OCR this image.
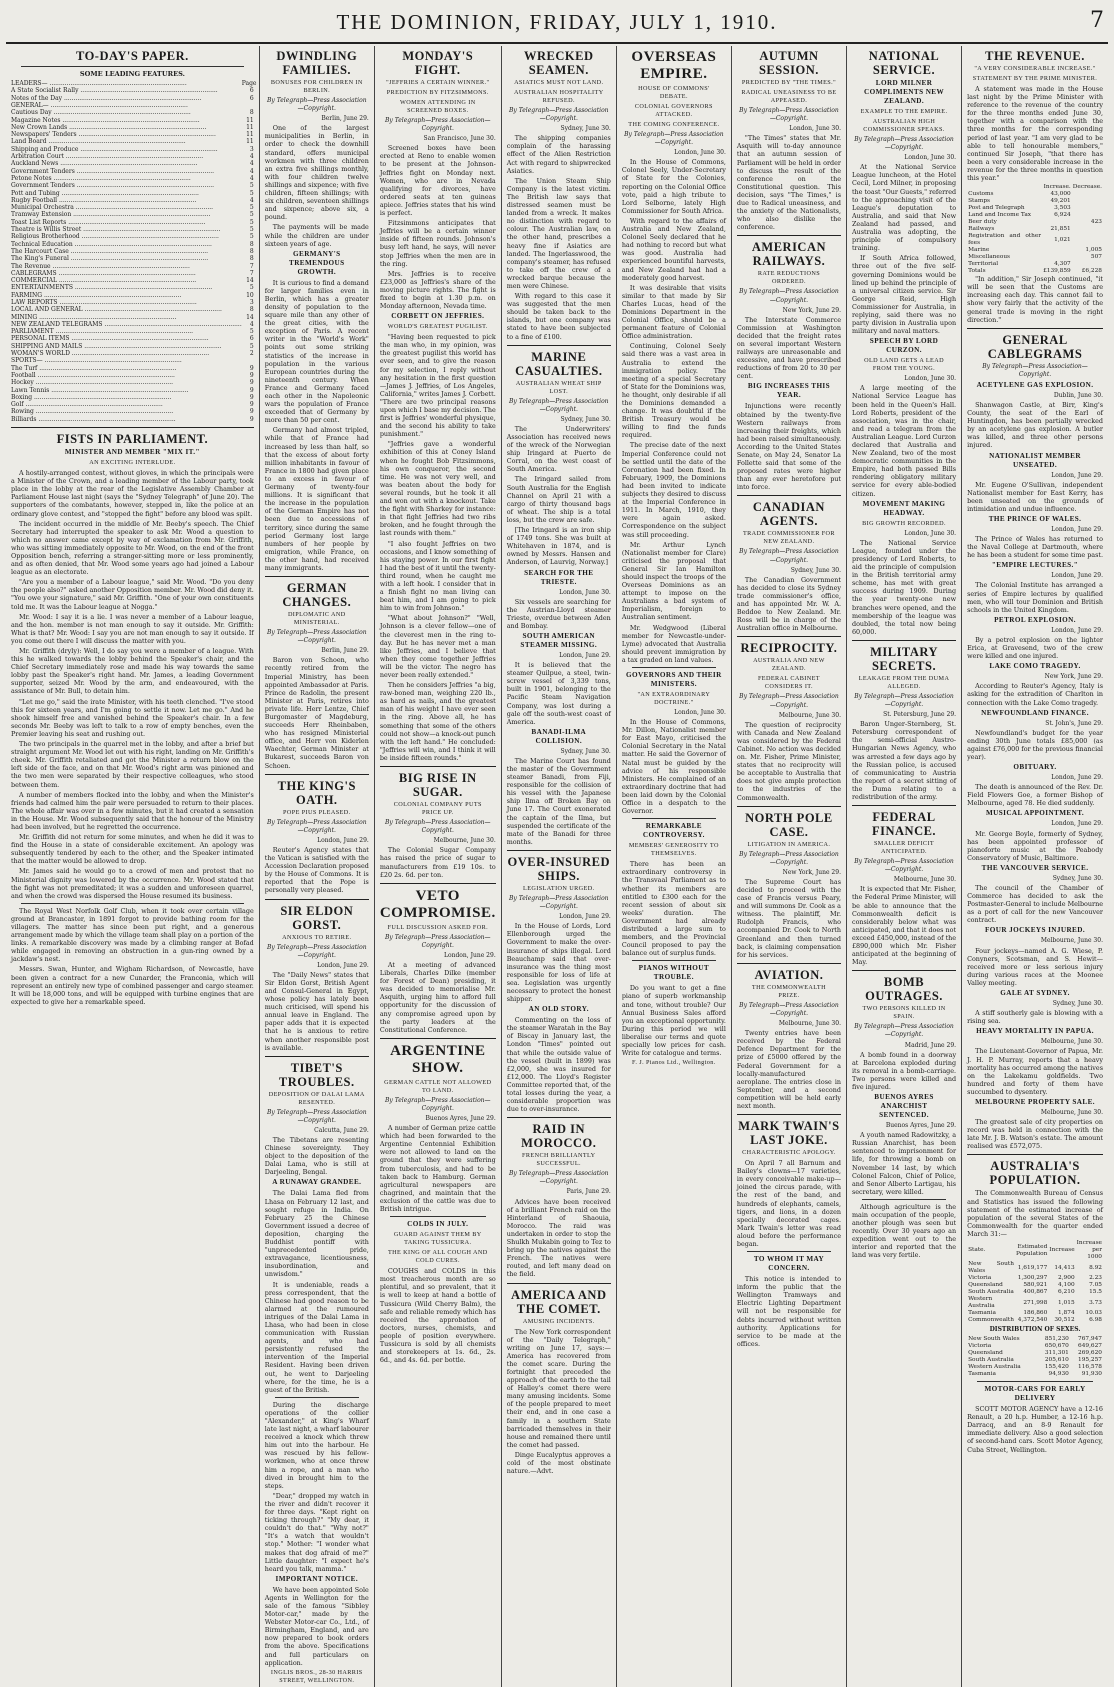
THE DOMINION, FRIDAY, JULY 1, 1910.	7
TO-DAY'S PAPER.
SOME LEADING FEATURES.
LEADERS— .....	Page
A State Socialist Rally .....	6
Notes of the Day .....	6
GENERAL— .....
Cautious Day .....	8
Magazine Notes .....	11
New Crown Lands .....	11
Newspapers' Tenders .....	11
Land Board .....	11
Shipping and Produce .....	3
Arbitration Court .....	4
Auckland News .....	4
Government Tenders .....	4
Petone Notes .....	4
Government Tenders .....	5
Pott and Tubing .....	5
Rugby Football .....	4
Municipal Orchestra .....	5
Tramway Extension .....	5
Toast List Reports .....	5
Theatre is Willis Street .....	5
Religious Brotherhood .....	5
Technical Education .....	8
The Harcourt Case .....	8
The King's Funeral .....	8
The Revenue .....	7
CABLEGRAMS .....	7
COMMERCIAL .....	14
ENTERTAINMENTS .....	5
FARMING .....	10
LAW REPORTS .....	3
LOCAL AND GENERAL .....	8
MINING .....	14
NEW ZEALAND TELEGRAMS .....	4
PARLIAMENT .....	5
PERSONAL ITEMS .....	6
SHIPPING AND MAILS .....	5
WOMAN'S WORLD .....	2
SPORTS— .....
The Turf .....	9
Football .....	9
Hockey .....	9
Lawn Tennis .....	9
Boxing .....	9
Golf .....	9
Rowing .....	9
Billiards .....	9
FISTS IN PARLIAMENT.
MINISTER AND MEMBER "MIX IT."
AN EXCITING INTERLUDE.

A hostily-arranged contest, without gloves, in which the principals were a Minister of the Crown, and a leading member of the Labour party, took place in the lobby at the rear of the Legislative Assembly Chamber at Parliament House last night (says the "Sydney Telegraph" of June 20). The supporters of the combatants, however, stepped in, like the police at an ordinary glove contest, and "stopped the fight" before any blood was spilt.

The incident occurred in the middle of Mr. Beeby's speech. The Chief Secretary had interrupted the speaker to ask Mr. Wood a question to which no answer came except by way of exclamation from Mr. Griffith, who was sitting immediately opposite to Mr. Wood, on the end of the front Opposition bench, referring a stranger-sitting more or less prominently, and as often denied, that Mr. Wood some years ago had joined a Labour league as an electorate.

"Are you a member of a Labour league," said Mr. Wood. "Do you deny the people also?" asked another Opposition member. Mr. Wood did deny it. "You owe your signature," said Mr. Griffith. "One of your own constituents told me. It was the Labour league at Nogga."

Mr. Wood: I say it is a lie. I was never a member of a Labour league, and the hon. member is not man enough to say it outside. Mr. Griffith: What is that? Mr. Wood: I say you are not man enough to say it outside. If you come out there I will discuss the matter with you.

Mr. Griffith (dryly): Well, I do say you were a member of a league. With this he walked towards the lobby behind the Speaker's chair, and the Chief Secretary immediately rose and made his way towards the same lobby past the Speaker's right hand. Mr. James, a leading Government supporter, seized Mr. Wood by the arm, and endeavoured, with the assistance of Mr. Bull, to detain him.

"Let me go," said the irate Minister, with his teeth clenched. "I've stood this for sixteen years, and I'm going to settle it now. Let me go." And he shook himself free and vanished behind the Speaker's chair. In a few seconds Mr. Beeby was left to talk to a row of empty benches, even the Premier leaving his seat and rushing out.

The two principals in the quarrel met in the lobby, and after a brief but straight argument Mr. Wood let out with his right, landing on Mr. Griffith's cheek. Mr. Griffith retaliated and got the Minister a return blow on the left side of the face, and on that Mr. Wood's right arm was pinioned and the two men were separated by their respective colleagues, who stood between them.

A number of members flocked into the lobby, and when the Minister's friends had calmed him the pair were persuaded to return to their places. The whole affair was over in a few minutes, but it had created a sensation in the House. Mr. Wood subsequently said that the honour of the Ministry had been involved, but he regretted the occurrence.

Mr. Griffith did not return for some minutes, and when he did it was to find the House in a state of considerable excitement. An apology was subsequently tendered by each to the other, and the Speaker intimated that the matter would be allowed to drop.

Mr. James said he would go to a crowd of men and protest that no Ministerial dignity was lowered by the occurrence. Mr. Wood stated that the fight was not premeditated; it was a sudden and unforeseen quarrel, and when the crowd was dispersed the House resumed its business.

The Royal West Norfolk Golf Club, when it took over certain village ground at Brancaster, in 1891 forgot to provide bathing room for the villagers. The matter has since been put right, and a generous arrangement made by which the village team shall play on a portion of the links. A remarkable discovery was made by a climbing ranger at Bofad while engaged in removing an obstruction in a gun-ring owned by a jackdaw's nest.

Messrs. Swan, Hunter, and Wigham Richardson, of Newcastle, have been given a contract for a new Cunarder, the Franconia, which will represent an entirely new type of combined passenger and cargo steamer. It will be 18,000 tons, and will be equipped with turbine engines that are expected to give her a remarkable speed.

DWINDLING FAMILIES.
BONUSES FOR CHILDREN IN BERLIN.
By Telegraph—Press Association—Copyright.
Berlin, June 29.

One of the largest municipalities in Berlin, in order to check the downhill standard, offers municipal workmen with three children an extra five shillings monthly, with four children twelve shillings and sixpence; with five children, fifteen shillings; with six children, seventeen shillings and sixpence; above six, a pound.

The payments will be made while the children are under sixteen years of age.

GERMANY'S TREMENDOUS GROWTH.

It is curious to find a demand for larger families even in Berlin, which has a greater density of population to the square mile than any other of the great cities, with the exception of Paris. A recent writer in the "World's Work" points out some striking statistics of the increase in population in the various European countries during the nineteenth century. When France and Germany faced each other in the Napoleonic wars the population of France exceeded that of Germany by more than 50 per cent.

Germany had almost tripled, while that of France had increased by less than half, so that the excess of about forty million inhabitants in favour of France in 1800 had given place to an excess in favour of Germany of twenty-four millions. It is significant that the increase in the population of the German Empire has not been due to accessions of territory, since during the same period Germany lost large numbers of her people by emigration, while France, on the other hand, had received many immigrants.

GERMAN CHANGES.
DIPLOMATIC AND MINISTERIAL.
By Telegraph—Press Association—Copyright.
Berlin, June 29.

Baron von Schoen, who recently retired from the Imperial Ministry, has been appointed Ambassador at Paris. Prince de Radolin, the present Minister at Paris, retires into private life. Herr Lentze, Chief Burgomaster of Magdeburg, succeeds Herr Rheinbaben, who has resigned Ministerial office, and Herr von Kiderlen Waechter, German Minister at Bukarest, succeeds Baron von Schoen.

THE KING'S OATH.
POPE PIUS PLEASED.
By Telegraph—Press Association—Copyright.
London, June 29.

Reuter's Agency states that the Vatican is satisfied with the Accession Declaration proposed by the House of Commons. It is reported that the Pope is personally very pleased.

SIR ELDON GORST.
ANXIOUS TO RETIRE.
By Telegraph—Press Association—Copyright.
London, June 29.

The "Daily News" states that Sir Eldon Gorst, British Agent and Consul-General in Egypt, whose policy has lately been much criticised, will spend his annual leave in England. The paper adds that it is expected that he is anxious to retire when another responsible post is available.

TIBET'S TROUBLES.
DEPOSITION OF DALAI LAMA RESENTED.
By Telegraph—Press Association—Copyright.
Calcutta, June 29.

The Tibetans are resenting Chinese sovereignty. They object to the deposition of the Dalai Lama, who is still at Darjeeling, Bengal.

A RUNAWAY GRANDEE.

The Dalai Lama fled from Lhasa on February 12 last, and sought refuge in India. On February 25 the Chinese Government issued a decree of deposition, charging the Buddhist pontiff with "unprecedented pride, extravagance, licentiousness, insubordination, and unwisdom."

It is undeniable, reads a press correspondent, that the Chinese had good reason to be alarmed at the rumoured intrigues of the Dalai Lama in Lhasa, who had been in close communication with Russian agents, and who had persistently refused the intervention of the Imperial Resident. Having been driven out, he went to Darjeeling where, for the time, he is a guest of the British.

During the discharge operations of the collier "Alexander," at King's Wharf late last night, a wharf labourer received a knock which threw him out into the harbour. He was rescued by his fellow-workmen, who at once threw him a rope, and a man who dived in brought him to the steps.

"Dear," dropped my watch in the river and didn't recover it for three days. "Kept right on ticking through?" "My dear, it couldn't do that." "Why not?" "It's a watch that wouldn't stop." Mother: "I wonder what makes that dog afraid of me?" Little daughter: "I expect he's heard you talk, mamma."

IMPORTANT NOTICE.

We have been appointed Sole Agents in Wellington for the sale of the famous "Sibbley Motor-car," made by the Webster Motor-car Co., Ltd., of Birmingham, England, and are now prepared to book orders from the above. Specifications and full particulars on application.

INGLIS BROS., 28-30 HARRIS STREET, WELLINGTON.
MONDAY'S FIGHT.
"JEFFRIES A CERTAIN WINNER."
PREDICTION BY FITZSIMMONS.
WOMEN ATTENDING IN SCREENED BOXES.
By Telegraph—Press Association—Copyright.
San Francisco, June 30.

Screened boxes have been erected at Reno to enable women to be present at the Johnson-Jeffries fight on Monday next. Women, who are in Nevada qualifying for divorces, have ordered seats at ten guineas apiece. Jeffries states that his wind is perfect.

Fitzsimmons anticipates that Jeffries will be a certain winner inside of fifteen rounds. Johnson's busy left hand, he says, will never stop Jeffries when the men are in the ring.

Mrs. Jeffries is to receive £23,000 as Jeffries's share of the moving picture rights. The fight is fixed to begin at 1.30 p.m. on Monday afternoon, Nevada time.

CORBETT ON JEFFRIES.
WORLD'S GREATEST PUGILIST.

"Having been requested to pick the man who, in my opinion, was the greatest pugilist this world has ever seen, and to give the reason for my selection, I reply without any hesitation in the first question—James J. Jeffries, of Los Angeles, California," writes James J. Corbett. "There are two principal reasons upon which I base my decision. The first is Jeffries' wonderful physique, and the second his ability to take punishment."

"Jeffries gave a wonderful exhibition of this at Coney Island when he fought Bob Fitzsimmons, his own conqueror, the second time. He was not very well, and was beaten about the body for several rounds, but he took it all and won out with a knockout. Take the fight with Sharkey for instance: in that fight Jeffries had two ribs broken, and he fought through the last rounds with them."

"I also fought Jeffries on two occasions, and I know something of his staying power. In our first fight I had the best of it until the twenty-third round, when he caught me with a left hook. I consider that in a finish fight no man living can beat him, and I am going to pick him to win from Johnson."

"What about Johnson?" "Well, Johnson is a clever fellow—one of the cleverest men in the ring to-day. But he has never met a man like Jeffries, and I believe that when they come together Jeffries will be the victor. The negro has never been really extended."

Then he considers Jeffries "a big, raw-boned man, weighing 220 lb., as hard as nails, and the greatest man of his weight I have ever seen in the ring. Above all, he has something that some of the others could not show—a knock-out punch with the left hand." He concluded: "Jeffries will win, and I think it will be inside fifteen rounds."

BIG RISE IN SUGAR.
COLONIAL COMPANY PUTS PRICE UP.
By Telegraph—Press Association—Copyright.
Melbourne, June 30.

The Colonial Sugar Company has raised the price of sugar to manufacturers from £19 10s. to £20 2s. 6d. per ton.

VETO COMPROMISE.
FULL DISCUSSION ASKED FOR.
By Telegraph—Press Association—Copyright.
London, June 29.

At a meeting of advanced Liberals, Charles Dilke (member for Forest of Dean) presiding, it was decided to memorialise Mr. Asquith, urging him to afford full opportunity for the discussion of any compromise agreed upon by the party leaders at the Constitutional Conference.

ARGENTINE SHOW.
GERMAN CATTLE NOT ALLOWED TO LAND.
By Telegraph—Press Association—Copyright.
Buenos Ayres, June 29.

A number of German prize cattle which had been forwarded to the Argentine Centennial Exhibition were not allowed to land on the ground that they were suffering from tuberculosis, and had to be taken back to Hamburg. German agricultural newspapers are chagrined, and maintain that the exclusion of the cattle was due to British intrigue.

COLDS IN JULY.
GUARD AGAINST THEM BY TAKING TUSSICURA.
THE KING OF ALL COUGH AND COLD CURES.

COUGHS and COLDS in this most treacherous month are so plentiful, and so prevalent, that it is well to keep at hand a bottle of Tussicura (Wild Cherry Balm), the safe and reliable remedy which has received the approbation of doctors, nurses, chemists, and people of position everywhere. Tussicura is sold by all chemists and storekeepers at 1s. 6d., 2s. 6d., and 4s. 6d. per bottle.

WRECKED SEAMEN.
ASIATICS MUST NOT LAND.
AUSTRALIAN HOSPITALITY REFUSED.
By Telegraph—Press Association—Copyright.
Sydney, June 30.

The shipping companies complain of the harassing effect of the Alien Restriction Act with regard to shipwrecked Asiatics.

The Union Steam Ship Company is the latest victim. The British law says that distressed seamen must be landed from a wreck. It makes no distinction with regard to colour. The Australian law, on the other hand, prescribes a heavy fine if Asiatics are landed. The Ingerlasswood, the company's steamer, has refused to take off the crew of a wrecked barque because the men were Chinese.

With regard to this case it was suggested that the men should be taken back to the islands, but one company was stated to have been subjected to a fine of £100.

MARINE CASUALTIES.
AUSTRALIAN WHEAT SHIP LOST.
By Telegraph—Press Association—Copyright.
Sydney, June 30.

The Underwriters' Association has received news of the wreck of the Norwegian ship Iringard at Puerto de Corral, on the west coast of South America.

The Iringard sailed from South Australia for the English Channel on April 21 with a cargo of thirty thousand bags of wheat. The ship is a total loss, but the crew are safe.

[The Iringard is an iron ship of 1749 tons. She was built at Whitehaven in 1874, and is owned by Messrs. Hansen and Anderson, of Laurvig, Norway.]

SEARCH FOR THE TRIESTE.
London, June 30.

Six vessels are searching for the Austrian-Lloyd steamer Trieste, overdue between Aden and Bombay.

SOUTH AMERICAN STEAMER MISSING.
London, June 29.

It is believed that the steamer Quilpue, a steel, twin-screw vessel of 3,339 tons, built in 1901, belonging to the Pacific Steam Navigation Company, was lost during a gale off the south-west coast of America.

BANADI-ILMA COLLISION.
Sydney, June 30.

The Marine Court has found the master of the Government steamer Banadi, from Fiji, responsible for the collision of his vessel with the Japanese ship Ilma off Broken Bay on June 17. The Court exonerated the captain of the Ilma, but suspended the certificate of the mate of the Banadi for three months.

OVER-INSURED SHIPS.
LEGISLATION URGED.
By Telegraph—Press Association—Copyright.
London, June 29.

In the House of Lords, Lord Ellenborough urged the Government to make the over-insurance of ships illegal. Lord Beauchamp said that over-insurance was the thing most responsible for loss of life at sea. Legislation was urgently necessary to protect the honest shipper.

AN OLD STORY.

Commenting on the loss of the steamer Waratah in the Bay of Biscay in January last, the London "Times" pointed out that while the outside value of the vessel (built in 1899) was £2,000, she was insured for £12,000. The Lloyd's Register Committee reported that, of the total losses during the year, a considerable proportion was due to over-insurance.

RAID IN MOROCCO.
FRENCH BRILLIANTLY SUCCESSFUL.
By Telegraph—Press Association—Copyright.
Paris, June 29.

Advices have been received of a brilliant French raid on the Hinterland of Shaouia, Morocco. The raid was undertaken in order to stop the Shulkh Mukabin going to Tez to bring up the natives against the French. The natives were routed, and left many dead on the field.

AMERICA AND THE COMET.
AMUSING INCIDENTS.

The New York correspondent of the "Daily Telegraph," writing on June 17, says:—America has recovered from the comet scare. During the fortnight that preceded the approach of the earth to the tail of Halley's comet there were many amusing incidents. Some of the people prepared to meet their end, and in one case a family in a southern State barricaded themselves in their house and remained there until the comet had passed.

Dinge Eucalyptus approves a cold of the most obstinate nature.—Advt.

OVERSEAS EMPIRE.
HOUSE OF COMMONS' DEBATE.
COLONIAL GOVERNORS ATTACKED.
THE COMING CONFERENCE.
By Telegraph—Press Association—Copyright.
London, June 30.

In the House of Commons, Colonel Seely, Under-Secretary of State for the Colonies, reporting on the Colonial Office vote, paid a high tribute to Lord Selborne, lately High Commissioner for South Africa.

With regard to the affairs of Australia and New Zealand, Colonel Seely declared that he had nothing to record but what was good. Australia had experienced bountiful harvests, and New Zealand had had a moderately good harvest.

It was desirable that visits similar to that made by Sir Charles Lucas, head of the Dominions Department in the Colonial Office, should be a permanent feature of Colonial Office administration.

Continuing, Colonel Seely said there was a vast area in Australia to extend the immigration policy. The meeting of a special Secretary of State for the Dominions was, he thought, only desirable if all the Dominions demanded a change. It was doubtful if the British Treasury would be willing to find the funds required.

The precise date of the next Imperial Conference could not be settled until the date of the Coronation had been fixed. In February, 1909, the Dominions had been invited to indicate subjects they desired to discuss at the Imperial Conference in 1911. In March, 1910, they were again asked. Correspondence on the subject was still proceeding.

Mr. Arthur Lynch (Nationalist member for Clare) criticised the proposal that General Sir Ian Hamilton should inspect the troops of the Overseas Dominions as an attempt to impose on the Australians a bad system of Imperialism, foreign to Australian sentiment.

Mr. Wedgwood (Liberal member for Newcastle-under-Lyme) advocated that Australia should prevent immigration by a tax graded on land values.

GOVERNORS AND THEIR MINISTERS.
"AN EXTRAORDINARY DOCTRINE."
London, June 30.

In the House of Commons, Mr. Dillon, Nationalist member for East Mayo, criticised the Colonial Secretary in the Natal matter. He said the Governor of Natal must be guided by the advice of his responsible Ministers. He complained of an extraordinary doctrine that had been laid down by the Colonial Office in a despatch to the Governor.

REMARKABLE CONTROVERSY.
MEMBERS' GENEROSITY TO THEMSELVES.

There has been an extraordinary controversy in the Transvaal Parliament as to whether its members are entitled to £300 each for the recent session of about six weeks' duration. The Government had already distributed a large sum to members, and the Provincial Council proposed to pay the balance out of surplus funds.

PIANOS WITHOUT TROUBLE.

Do you want to get a fine piano of superb workmanship and tone, without trouble? Our Annual Business Sales afford you an exceptional opportunity. During this period we will liberalise our terms and quote specially low prices for cash. Write for catalogue and terms.

F. J. Pianos Ltd., Wellington.
AUTUMN SESSION.
PREDICTED BY "THE TIMES."
RADICAL UNEASINESS TO BE APPEASED.
By Telegraph—Press Association—Copyright.
London, June 30.

"The Times" states that Mr. Asquith will to-day announce that an autumn session of Parliament will be held in order to discuss the result of the conference on the Constitutional question. This decision, says "The Times," is due to Radical uneasiness, and the anxiety of the Nationalists, who also dislike the conference.

AMERICAN RAILWAYS.
RATE REDUCTIONS ORDERED.
By Telegraph—Press Association—Copyright.
New York, June 29.

The Interstate Commerce Commission at Washington decided that the freight rates on several important Western railways are unreasonable and excessive, and have prescribed reductions of from 20 to 30 per cent.

BIG INCREASES THIS YEAR.

Injunctions were recently obtained by the twenty-five Western railways from increasing their freights, which had been raised simultaneously. According to the United States Senate, on May 24, Senator La Follette said that some of the proposed rates were higher than any ever heretofore put into force.

CANADIAN AGENTS.
TRADE COMMISSIONER FOR NEW ZEALAND.
By Telegraph—Press Association—Copyright.
Sydney, June 30.

The Canadian Government has decided to close its Sydney trade commissioner's office, and has appointed Mr. W. A. Beddoe to New Zealand. Mr. Ross will be in charge of the Australian office in Melbourne.

RECIPROCITY.
AUSTRALIA AND NEW ZEALAND.
FEDERAL CABINET CONSIDERS IT.
By Telegraph—Press Association—Copyright.
Melbourne, June 30.

The question of reciprocity with Canada and New Zealand was considered by the Federal Cabinet. No action was decided on. Mr. Fisher, Prime Minister, states that no reciprocity will be acceptable to Australia that does not give ample protection to the industries of the Commonwealth.

NORTH POLE CASE.
LITIGATION IN AMERICA.
By Telegraph—Press Association—Copyright.
New York, June 29.

The Supreme Court has decided to proceed with the case of Francis versus Peary, and will summons Dr. Cook as a witness. The plaintiff, Mr. Rudolph Francis, who accompanied Dr. Cook to North Greenland and then turned back, is claiming compensation for his services.

AVIATION.
THE COMMONWEALTH PRIZE.
By Telegraph—Press Association—Copyright.
Melbourne, June 30.

Twenty entries have been received by the Federal Defence Department for the prize of £5000 offered by the Federal Government for a locally-manufactured aeroplane. The entries close in September, and a second competition will be held early next month.

MARK TWAIN'S LAST JOKE.
CHARACTERISTIC APOLOGY.

On April 7 all Barnum and Bailey's clowns—17 varieties, in every conceivable make-up—joined the circus parade, with the rest of the band, and hundreds of elephants, camels, tigers, and lions, in a dozen specially decorated cages. Mark Twain's letter was read aloud before the performance began.

TO WHOM IT MAY CONCERN.

This notice is intended to inform the public that the Wellington Tramways and Electric Lighting Department will not be responsible for debts incurred without written authority. Applications for service to be made at the offices.

NATIONAL SERVICE.
LORD MILNER COMPLIMENTS NEW ZEALAND.
EXAMPLE TO THE EMPIRE.
AUSTRALIAN HIGH COMMISSIONER SPEAKS.
By Telegraph—Press Association—Copyright.
London, June 30.

At the National Service League luncheon, at the Hotel Cecil, Lord Milner, in proposing the toast "Our Guests," referred to the approaching visit of the League's deputation to Australia, and said that New Zealand had passed, and Australia was adopting, the principle of compulsory training.

If South Africa followed, three out of the five self-governing Dominions would be lined up behind the principle of a universal citizen service. Sir George Reid, High Commissioner for Australia, in replying, said there was no party division in Australia upon military and naval matters.

SPEECH BY LORD CURZON.
OLD LAND GETS A LEAD FROM THE YOUNG.
London, June 30.

A large meeting of the National Service League has been held in the Queen's Hall. Lord Roberts, president of the association, was in the chair, and read a telegram from the Australian League. Lord Curzon declared that Australia and New Zealand, two of the most democratic communities in the Empire, had both passed Bills rendering obligatory military service for every able-bodied citizen.

MOVEMENT MAKING HEADWAY.
BIG GROWTH RECORDED.
London, June 30.

The National Service League, founded under the presidency of Lord Roberts, to aid the principle of compulsion in the British territorial army scheme, has met with great success during 1909. During the year twenty-one new branches were opened, and the membership of the league was doubled, the total now being 60,000.

MILITARY SECRETS.
LEAKAGE FROM THE DUMA ALLEGED.
By Telegraph—Press Association—Copyright.
St. Petersburg, June 29.

Baron Unger-Sternberg, St. Petersburg correspondent of the semi-official Austro-Hungarian News Agency, who was arrested a few days ago by the Russian police, is accused of communicating to Austria the report of a secret sitting of the Duma relating to a redistribution of the army.

FEDERAL FINANCE.
SMALLER DEFICIT ANTICIPATED.
By Telegraph—Press Association—Copyright.
Melbourne, June 30.

It is expected that Mr. Fisher, the Federal Prime Minister, will be able to announce that the Commonwealth deficit is considerably below what was anticipated, and that it does not exceed £450,000, instead of the £890,000 which Mr. Fisher anticipated at the beginning of May.

BOMB OUTRAGES.
TWO PERSONS KILLED IN SPAIN.
By Telegraph—Press Association—Copyright.
Madrid, June 29.

A bomb found in a doorway at Barcelona exploded during its removal in a bomb-carriage. Two persons were killed and five injured.

BUENOS AYRES ANARCHIST SENTENCED.
Buenos Ayres, June 29.

A youth named Radowitzky, a Russian Anarchist, has been sentenced to imprisonment for life, for throwing a bomb on November 14 last, by which Colonel Falcon, Chief of Police, and Senor Alberto Lartigau, his secretary, were killed.

Although agriculture is the main occupation of the people, another plough was seen but recently. Over 30 years ago an expedition went out to the interior and reported that the land was very fertile.

THE REVENUE.
"A VERY CONSIDERABLE INCREASE."
STATEMENT BY THE PRIME MINISTER.

A statement was made in the House last night by the Prime Minister with reference to the revenue of the country for the three months ended June 30, together with a comparison with the three months for the corresponding period of last year. "I am very glad to be able to tell honourable members," continued Sir Joseph, "that there has been a very considerable increase in the revenue for the three months in question this year."

	Increase.	Decrease.
Customs	43,000	
Stamps	49,201	
Post and Telegraph	3,503	
Land and Income Tax	6,924	
Beer duty		423
Railways	21,851	
Registration and other fees	1,021	
Marine		1,005
Miscellaneous		507
Territorial	4,307	
Totals	£139,859	£6,228

"In addition," Sir Joseph continued, "it will be seen that the Customs are increasing each day. This cannot fail to show very fairly that the activity of the general trade is moving in the right direction."

GENERAL CABLEGRAMS
By Telegraph—Press Association—Copyright.
ACETYLENE GAS EXPLOSION.
Dublin, June 30.

Shanwagon Castle, at Birr, King's County, the seat of the Earl of Huntingdon, has been partially wrecked by an acetylene gas explosion. A butler was killed, and three other persons injured.

NATIONALIST MEMBER UNSEATED.
London, June 29.

Mr. Eugene O'Sullivan, independent Nationalist member for East Kerry, has been unseated on the grounds of intimidation and undue influence.

THE PRINCE OF WALES.
London, June 29.

The Prince of Wales has returned to the Naval College at Dartmouth, where he has been a student for some time past.

"EMPIRE LECTURES."
London, June 29.

The Colonial Institute has arranged a series of Empire lectures by qualified men, who will tour Dominion and British schools in the United Kingdom.

PETROL EXPLOSION.
London, June 29.

By a petrol explosion on the lighter Erica, at Gravesend, two of the crew were killed and one injured.

LAKE COMO TRAGEDY.
New York, June 29.

According to Reuter's Agency, Italy is asking for the extradition of Charlton in connection with the Lake Como tragedy.

NEWFOUNDLAND FINANCE.
St. John's, June 29.

Newfoundland's budget for the year ending 30th June totals £85,000 (as against £76,000 for the previous financial year).

OBITUARY.
London, June 29.

The death is announced of the Rev. Dr. Field Flowers Goe, a former Bishop of Melbourne, aged 78. He died suddenly.

MUSICAL APPOINTMENT.
London, June 29.

Mr. George Boyle, formerly of Sydney, has been appointed professor of pianoforte music at the Peabody Conservatory of Music, Baltimore.

THE VANCOUVER SERVICE.
Sydney, June 30.

The council of the Chamber of Commerce has decided to ask the Postmaster-General to include Melbourne as a port of call for the new Vancouver contract.

FOUR JOCKEYS INJURED.
Melbourne, June 30.

Four jockeys—named A. G. Wiese, P. Conyners, Scotsman, and S. Hewit—received more or less serious injury during various races at the Moonee Valley meeting.

GALE AT SYDNEY.
Sydney, June 30.

A stiff southerly gale is blowing with a rising sea.

HEAVY MORTALITY IN PAPUA.
Melbourne, June 30.

The Lieutenant-Governor of Papua, Mr. J. H. P. Murray, reports that a heavy mortality has occurred among the natives on the Lakekamu goldfields. Two hundred and forty of them have succumbed to dysentery.

MELBOURNE PROPERTY SALE.
Melbourne, June 30.

The greatest sale of city properties on record was held in connection with the late Mr. J. B. Watson's estate. The amount realised was £572,075.

AUSTRALIA'S POPULATION.

The Commonwealth Bureau of Census and Statistics has issued the following statement of the estimated increase of population of the several States of the Commonwealth for the quarter ended March 31:—

State.	Estimated Population	Increase	Increase per 1000
New South Wales	1,619,177	14,413	8.92
Victoria	1,300,297	2,900	2.23
Queensland	580,921	4,100	7.05
South Australia	400,867	6,210	15.5
Western Australia	271,998	1,015	3.73
Tasmania	186,860	1,874	10.03
Commonwealth	4,372,540	30,512	6.98
DISTRIBUTION OF SEXES.
New South Wales	851,230	767,947
Victoria	650,670	649,627
Queensland	311,301	269,620
South Australia	205,610	195,257
Western Australia	155,420	116,578
Tasmania	94,930	91,930
MOTOR-CARS FOR EARLY DELIVERY

SCOTT MOTOR AGENCY have a 12-16 Renault, a 20 h.p. Humber, a 12-16 h.p. Darracq, and an 8-9 Renault for immediate delivery. Also a good selection of second-hand cars. Scott Motor Agency, Cuba Street, Wellington.
